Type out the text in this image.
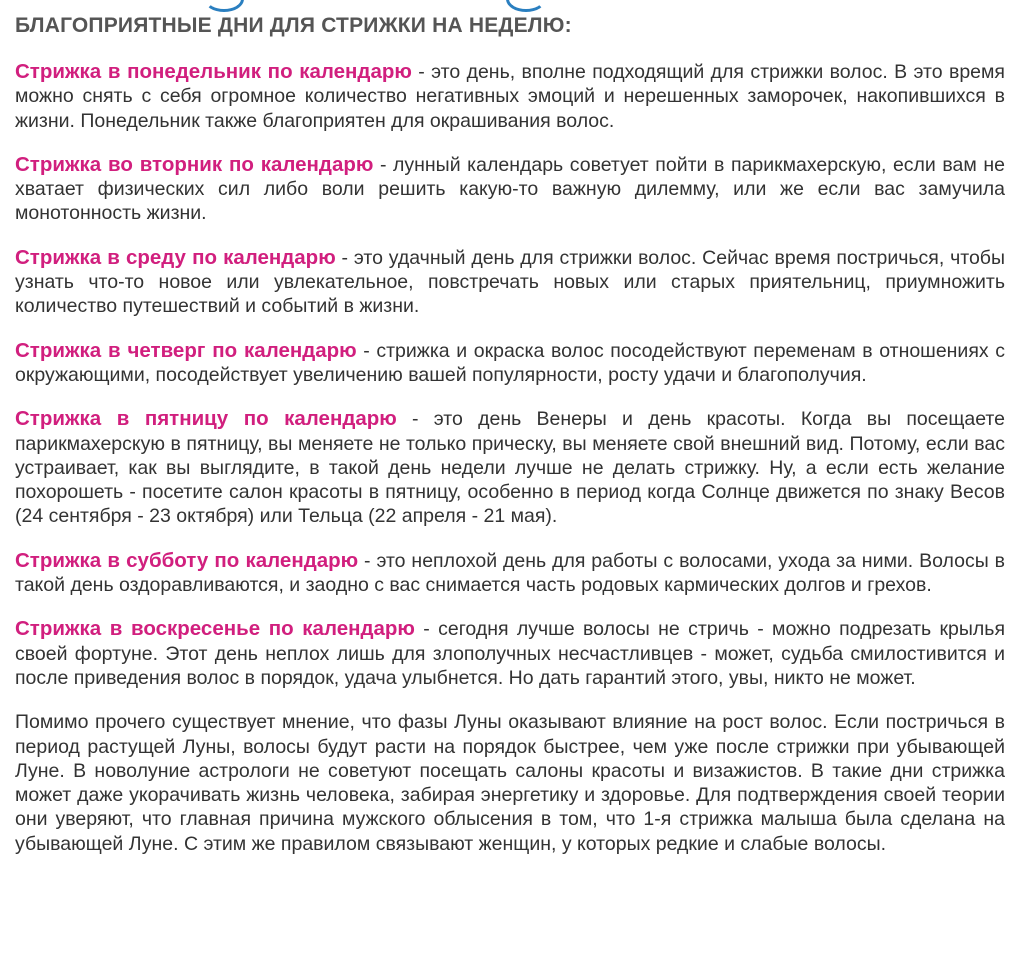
БЛАГОПРИЯТНЫЕ ДНИ ДЛЯ СТРИЖКИ НА НЕДЕЛЮ:

Стрижка в понедельник по календарю - это день, вполне подходящий для стрижки волос. В это время можно снять с себя огромное количество негативных эмоций и нерешенных заморочек, накопившихся в жизни. Понедельник также благоприятен для окрашивания волос.

Стрижка во вторник по календарю - лунный календарь советует пойти в парикмахерскую, если вам не хватает физических сил либо воли решить какую-то важную дилемму, или же если вас замучила монотонность жизни.

Стрижка в среду по календарю - это удачный день для стрижки волос. Сейчас время постричься, чтобы узнать что-то новое или увлекательное, повстречать новых или старых приятельниц, приумножить количество путешествий и событий в жизни.

Стрижка в четверг по календарю - стрижка и окраска волос посодействуют переменам в отношениях с окружающими, посодействует увеличению вашей популярности, росту удачи и благополучия.

Стрижка в пятницу по календарю - это день Венеры и день красоты. Когда вы посещаете парикмахерскую в пятницу, вы меняете не только прическу, вы меняете свой внешний вид. Потому, если вас устраивает, как вы выглядите, в такой день недели лучше не делать стрижку. Ну, а если есть желание похорошеть - посетите салон красоты в пятницу, особенно в период когда Солнце движется по знаку Весов (24 сентября - 23 октября) или Тельца (22 апреля - 21 мая).

Стрижка в субботу по календарю - это неплохой день для работы с волосами, ухода за ними. Волосы в такой день оздоравливаются, и заодно с вас снимается часть родовых кармических долгов и грехов.

Стрижка в воскресенье по календарю - сегодня лучше волосы не стричь - можно подрезать крылья своей фортуне. Этот день неплох лишь для злополучных несчастливцев - может, судьба смилостивится и после приведения волос в порядок, удача улыбнется. Но дать гарантий этого, увы, никто не может.

Помимо прочего существует мнение, что фазы Луны оказывают влияние на рост волос. Если постричься в период растущей Луны, волосы будут расти на порядок быстрее, чем уже после стрижки при убывающей Луне. В новолуние астрологи не советуют посещать салоны красоты и визажистов. В такие дни стрижка может даже укорачивать жизнь человека, забирая энергетику и здоровье. Для подтверждения своей теории они уверяют, что главная причина мужского облысения в том, что 1-я стрижка малыша была сделана на убывающей Луне. С этим же правилом связывают женщин, у которых редкие и слабые волосы.
